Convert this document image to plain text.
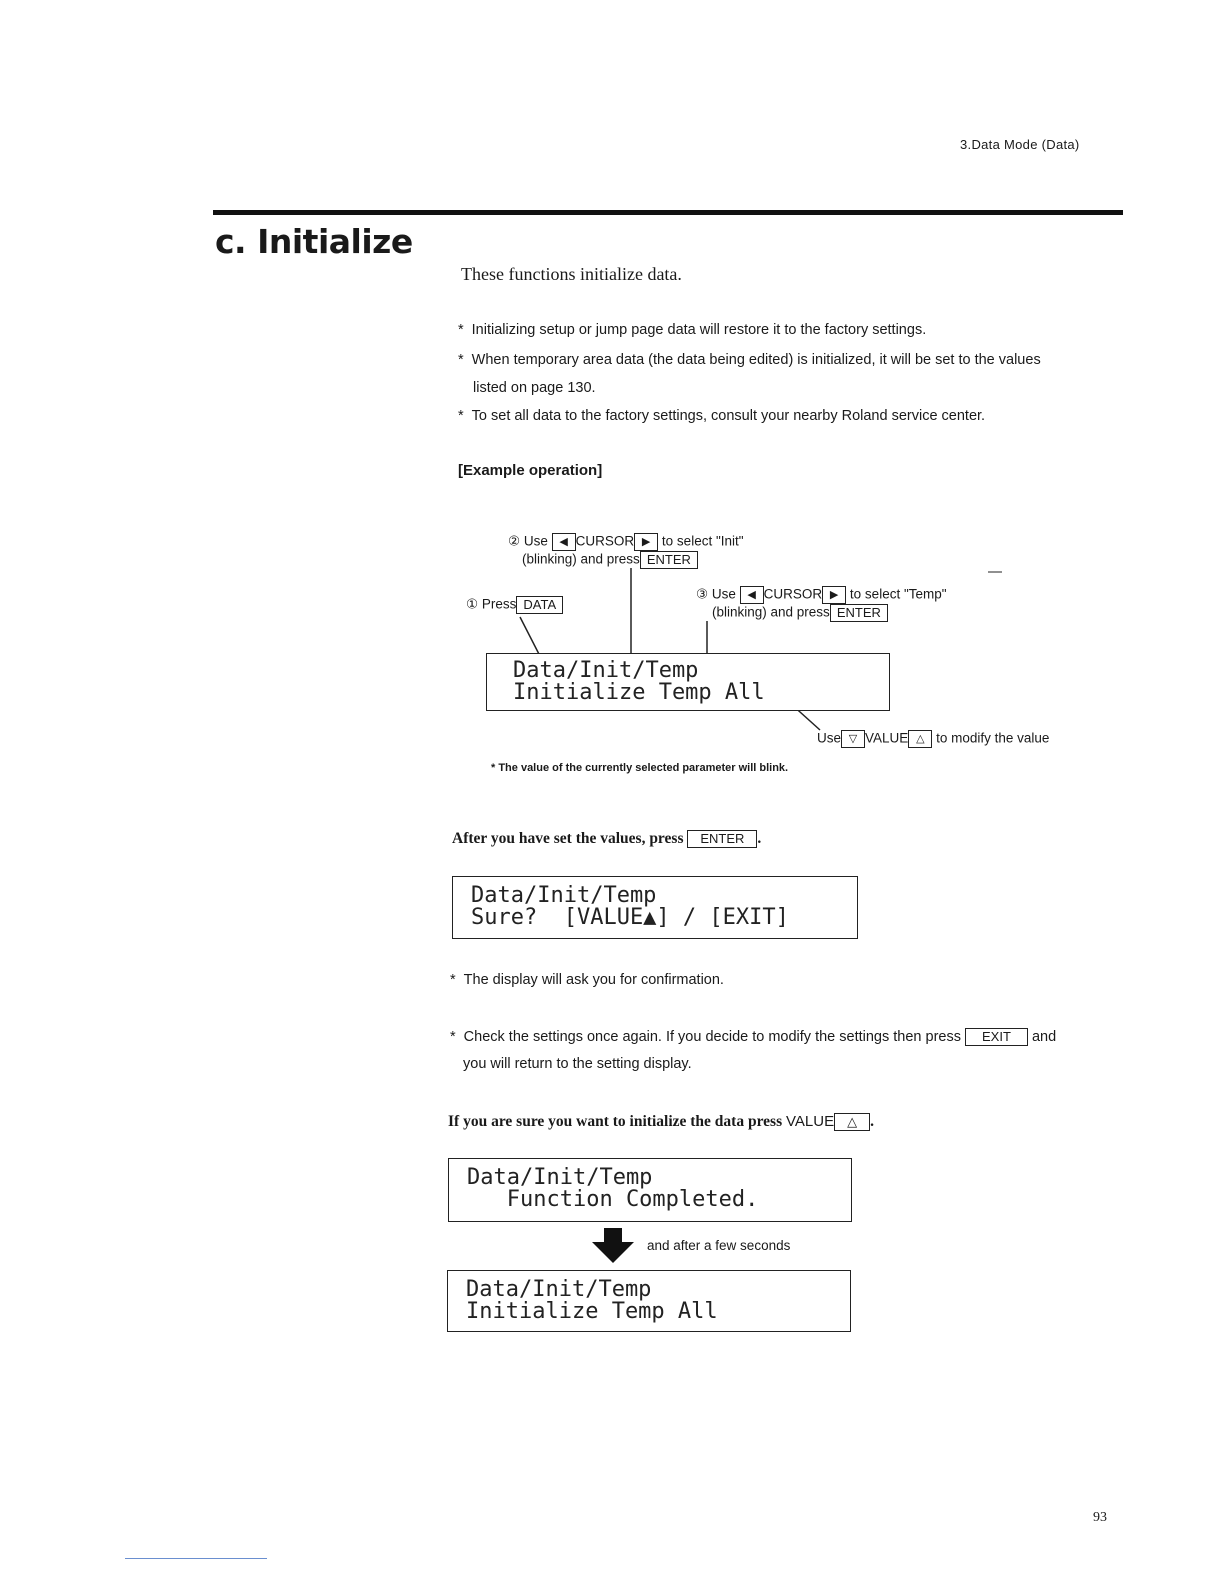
3.Data Mode (Data)
c. Initialize
These functions initialize data.
* Initializing setup or jump page data will restore it to the factory settings.
* When temporary area data (the data being edited) is initialized, it will be set to the values
listed on page 130.
* To set all data to the factory settings, consult your nearby Roland service center.
[Example operation]
② Use ◀ CURSOR ▶ to select "Init"
(blinking) and press ENTER
① Press DATA
③ Use ◀ CURSOR ▶ to select "Temp"
(blinking) and press ENTER
Data/Init/Temp
Initialize Temp All
Use ▽ VALUE △ to modify the value
* The value of the currently selected parameter will blink.
After you have set the values, press ENTER .
Data/Init/Temp
Sure?  [VALUE▲] / [EXIT]
* The display will ask you for confirmation.
* Check the settings once again. If you decide to modify the settings then press EXIT and
you will return to the setting display.
If you are sure you want to initialize the data press VALUE △ .
Data/Init/Temp
Function Completed.
and after a few seconds
Data/Init/Temp
Initialize Temp All
93
